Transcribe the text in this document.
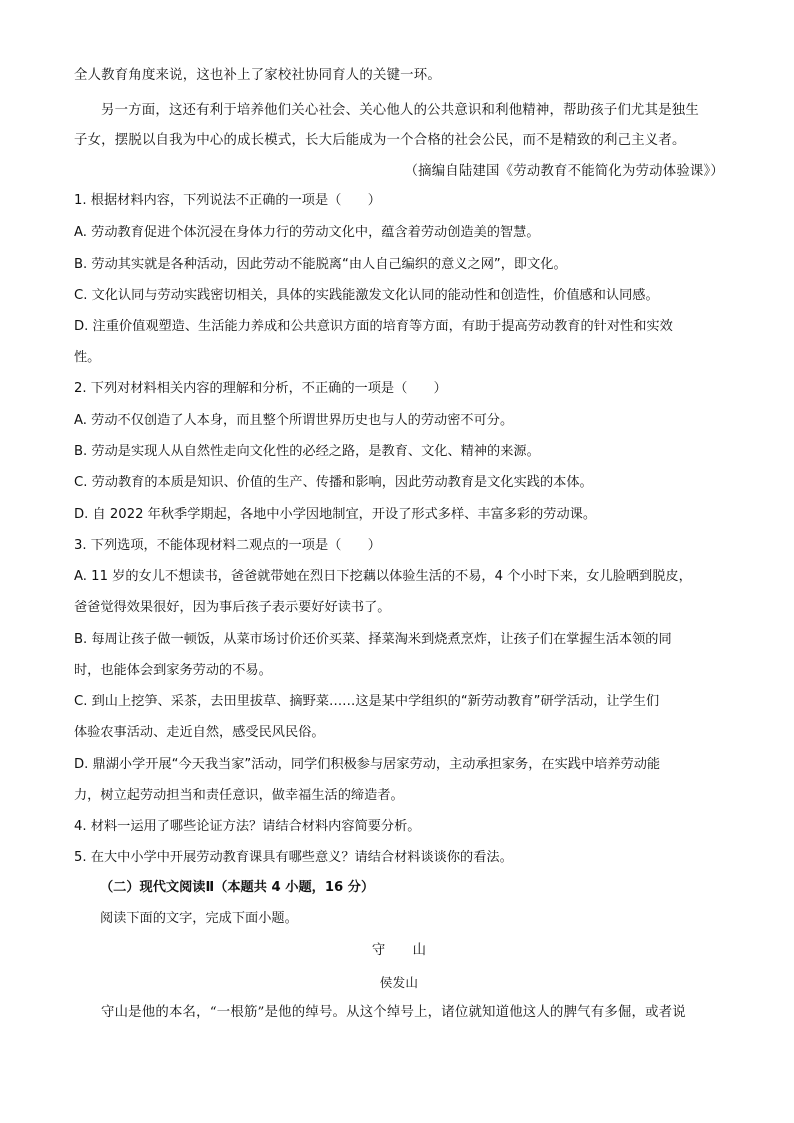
全人教育角度来说，这也补上了家校社协同育人的关键一环。
另一方面，这还有利于培养他们关心社会、关心他人的公共意识和利他精神，帮助孩子们尤其是独生
子女，摆脱以自我为中心的成长模式，长大后能成为一个合格的社会公民，而不是精致的利己主义者。
（摘编自陆建国《劳动教育不能简化为劳动体验课》）
1. 根据材料内容，下列说法不正确的一项是（　　）
A. 劳动教育促进个体沉浸在身体力行的劳动文化中，蕴含着劳动创造美的智慧。
B. 劳动其实就是各种活动，因此劳动不能脱离“由人自己编织的意义之网”，即文化。
C. 文化认同与劳动实践密切相关，具体的实践能激发文化认同的能动性和创造性，价值感和认同感。
D. 注重价值观塑造、生活能力养成和公共意识方面的培育等方面，有助于提高劳动教育的针对性和实效
性。
2. 下列对材料相关内容的理解和分析，不正确的一项是（　　）
A. 劳动不仅创造了人本身，而且整个所谓世界历史也与人的劳动密不可分。
B. 劳动是实现人从自然性走向文化性的必经之路，是教育、文化、精神的来源。
C. 劳动教育的本质是知识、价值的生产、传播和影响，因此劳动教育是文化实践的本体。
D. 自 2022 年秋季学期起，各地中小学因地制宜，开设了形式多样、丰富多彩的劳动课。
3. 下列选项，不能体现材料二观点的一项是（　　）
A. 11 岁的女儿不想读书，爸爸就带她在烈日下挖藕以体验生活的不易，4 个小时下来，女儿脸晒到脱皮，
爸爸觉得效果很好，因为事后孩子表示要好好读书了。
B. 每周让孩子做一顿饭，从菜市场讨价还价买菜、择菜淘米到烧煮烹炸，让孩子们在掌握生活本领的同
时，也能体会到家务劳动的不易。
C. 到山上挖笋、采茶，去田里拔草、摘野菜……这是某中学组织的“新劳动教育”研学活动，让学生们
体验农事活动、走近自然，感受民风民俗。
D. 鼎湖小学开展“今天我当家”活动，同学们积极参与居家劳动，主动承担家务，在实践中培养劳动能
力，树立起劳动担当和责任意识，做幸福生活的缔造者。
4. 材料一运用了哪些论证方法？请结合材料内容简要分析。
5. 在大中小学中开展劳动教育课具有哪些意义？请结合材料谈谈你的看法。
（二）现代文阅读Ⅱ（本题共 4 小题，16 分）
阅读下面的文字，完成下面小题。
守　　山
侯发山
守山是他的本名，“一根筋”是他的绰号。从这个绰号上，诸位就知道他这人的脾气有多倔，或者说
